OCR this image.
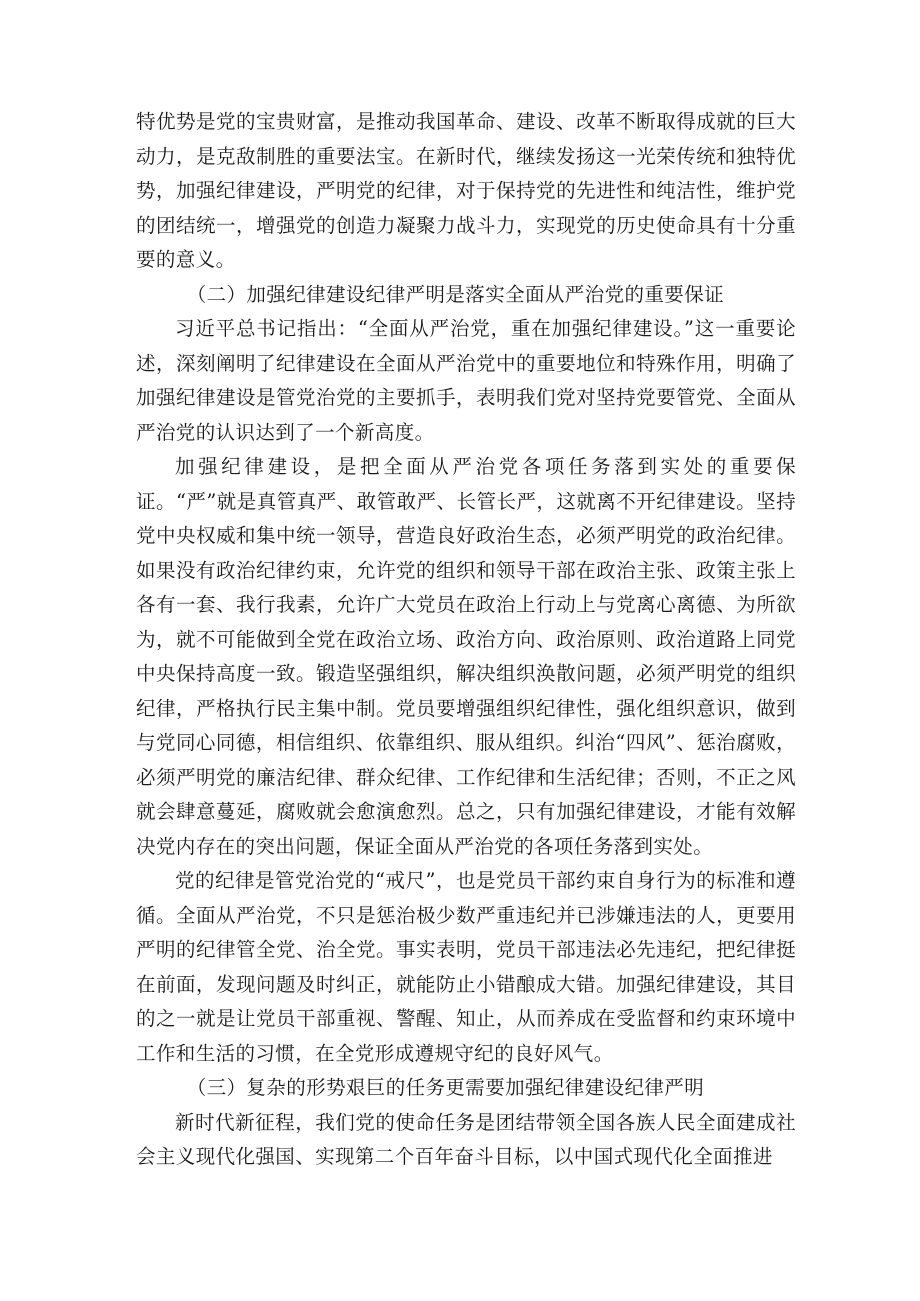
特优势是党的宝贵财富，是推动我国革命、建设、改革不断取得成就的巨大动力，是克敌制胜的重要法宝。在新时代，继续发扬这一光荣传统和独特优势，加强纪律建设，严明党的纪律，对于保持党的先进性和纯洁性，维护党的团结统一，增强党的创造力凝聚力战斗力，实现党的历史使命具有十分重要的意义。

（二）加强纪律建设纪律严明是落实全面从严治党的重要保证

习近平总书记指出：“全面从严治党，重在加强纪律建设。”这一重要论述，深刻阐明了纪律建设在全面从严治党中的重要地位和特殊作用，明确了加强纪律建设是管党治党的主要抓手，表明我们党对坚持党要管党、全面从严治党的认识达到了一个新高度。

加强纪律建设，是把全面从严治党各项任务落到实处的重要保证。“严”就是真管真严、敢管敢严、长管长严，这就离不开纪律建设。坚持党中央权威和集中统一领导，营造良好政治生态，必须严明党的政治纪律。如果没有政治纪律约束，允许党的组织和领导干部在政治主张、政策主张上各有一套、我行我素，允许广大党员在政治上行动上与党离心离德、为所欲为，就不可能做到全党在政治立场、政治方向、政治原则、政治道路上同党中央保持高度一致。锻造坚强组织，解决组织涣散问题，必须严明党的组织纪律，严格执行民主集中制。党员要增强组织纪律性，强化组织意识，做到与党同心同德，相信组织、依靠组织、服从组织。纠治“四风”、惩治腐败，必须严明党的廉洁纪律、群众纪律、工作纪律和生活纪律；否则，不正之风就会肆意蔓延，腐败就会愈演愈烈。总之，只有加强纪律建设，才能有效解决党内存在的突出问题，保证全面从严治党的各项任务落到实处。

党的纪律是管党治党的“戒尺”，也是党员干部约束自身行为的标准和遵循。全面从严治党，不只是惩治极少数严重违纪并已涉嫌违法的人，更要用严明的纪律管全党、治全党。事实表明，党员干部违法必先违纪，把纪律挺在前面，发现问题及时纠正，就能防止小错酿成大错。加强纪律建设，其目的之一就是让党员干部重视、警醒、知止，从而养成在受监督和约束环境中工作和生活的习惯，在全党形成遵规守纪的良好风气。

（三）复杂的形势艰巨的任务更需要加强纪律建设纪律严明

新时代新征程，我们党的使命任务是团结带领全国各族人民全面建成社会主义现代化强国、实现第二个百年奋斗目标，以中国式现代化全面推进
